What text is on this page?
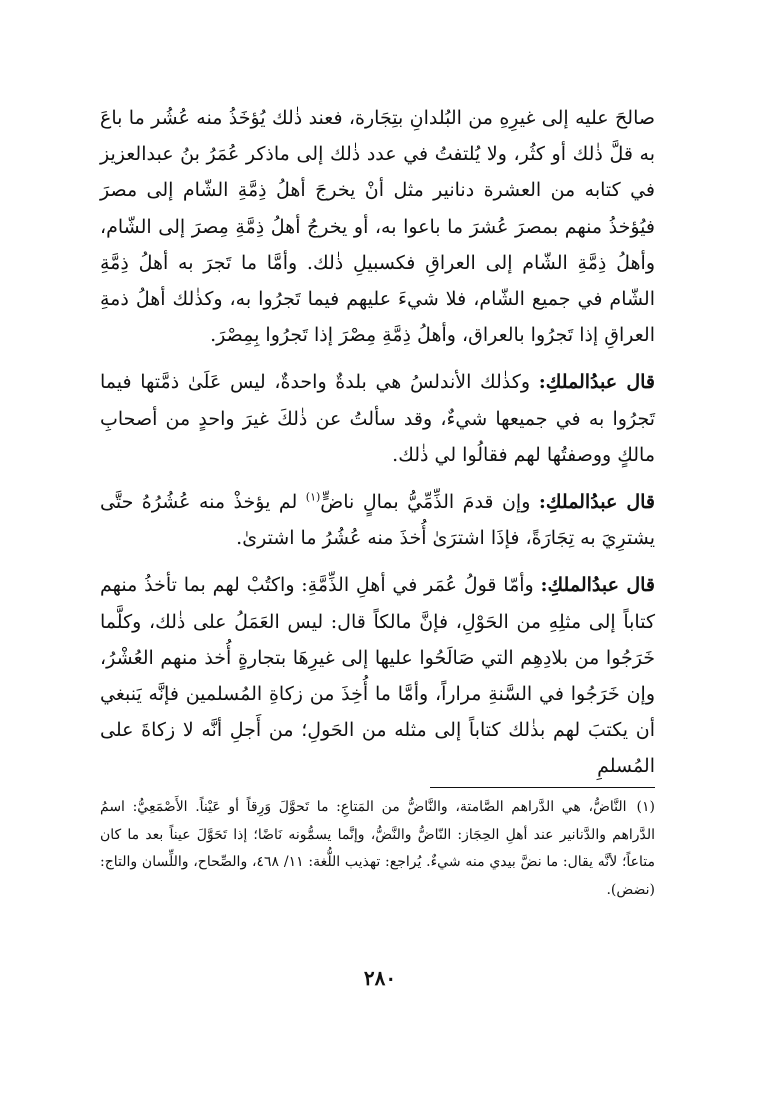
صالحَ عليه إلى غيرِهِ من البُلدانِ بتِجَارة، فعند ذٰلك يُؤخَذُ منه عُشُر ما باعَ به قلَّ ذٰلك أو كثُر، ولا يُلتفتُ في عدد ذٰلك إلى ماذكر عُمَرُ بنُ عبدالعزيز في كتابه من العشرة دنانير مثل أنْ يخرجَ أهلُ ذِمَّةِ الشّام إلى مصرَ فيُؤخذُ منهم بمصرَ عُشرَ ما باعوا به، أو يخرجُ أهلُ ذِمَّةِ مِصرَ إلى الشّام، وأهلُ ذِمَّةِ الشّام إلى العراقِ فكسبيلِ ذٰلك. وأمَّا ما تَجرَ به أهلُ ذِمَّةِ الشّام في جميع الشّام، فلا شيءَ عليهم فيما تَجرُوا به، وكذٰلك أهلُ ذمةِ العراقِ إذا تَجرُوا بالعراق، وأهلُ ذِمَّةِ مِصْرَ إذا تَجرُوا بِمِصْرَ.

قال عبدُالملكِ: وكذٰلك الأندلسُ هي بلدةٌ واحدةٌ، ليس عَلَىٰ ذمَّتها فيما تَجرُوا به في جميعها شيءٌ، وقد سألتُ عن ذٰلكَ غيرَ واحدٍ من أصحابِ مالكٍ ووصفتُها لهم فقالُوا لي ذٰلك.

قال عبدُالملكِ: وإن قدمَ الذِّمِّيُّ بمالٍ ناضٍّ$^{(١)}$ لم يؤخذْ منه عُشُرُهُ حتَّى يشترِيَ به تِجَارَةً، فإذَا اشترَىٰ أُخذَ منه عُشُرُ ما اشترىٰ.

قال عبدُالملكِ: وأمّا قولُ عُمَر في أهلِ الذِّمَّةِ: واكتُبْ لهم بما تأخذُ منهم كتاباً إلى مثلِهِ من الحَوْلِ، فإنَّ مالكاً قال: ليس العَمَلُ على ذٰلك، وكلَّما خَرَجُوا من بلادِهِم التي صَالَحُوا عليها إلى غيرِهَا بتجارةٍ أُخذ منهم العُشْرُ، وإن خَرَجُوا في السَّنةِ مراراً، وأمَّا ما أُخِذَ من زكاةِ المُسلمين فإنَّه يَنبغي أن يكتبَ لهم بذٰلك كتاباً إلى مثله من الحَولِ؛ من أَجلِ أنَّه لا زكاةَ على المُسلمِ

(١)النَّاضُّ، هي الدَّراهم الصَّامتة، والنَّاضُّ من المَتاعِ: ما تَحوَّلَ وَرِقاً أو عَيْناً. الأَصْمَعِيُّ: اسمُ الدَّراهم والدَّنانير عند أهلِ الحِجَاز: النّاضُّ والنَّضُّ، وإنَّما يسمُّونه نَاضًا؛ إذا تَحَوَّلَ عيناً بعد ما كان متاعاً؛ لأنَّه يقال: ما نضَّ بيدي منه شيءٌ. يُراجع: تهذيب اللُّغة: ١١/ ٤٦٨، والصِّحاح، واللِّسان والتاج: (نضض).
٢٨٠
